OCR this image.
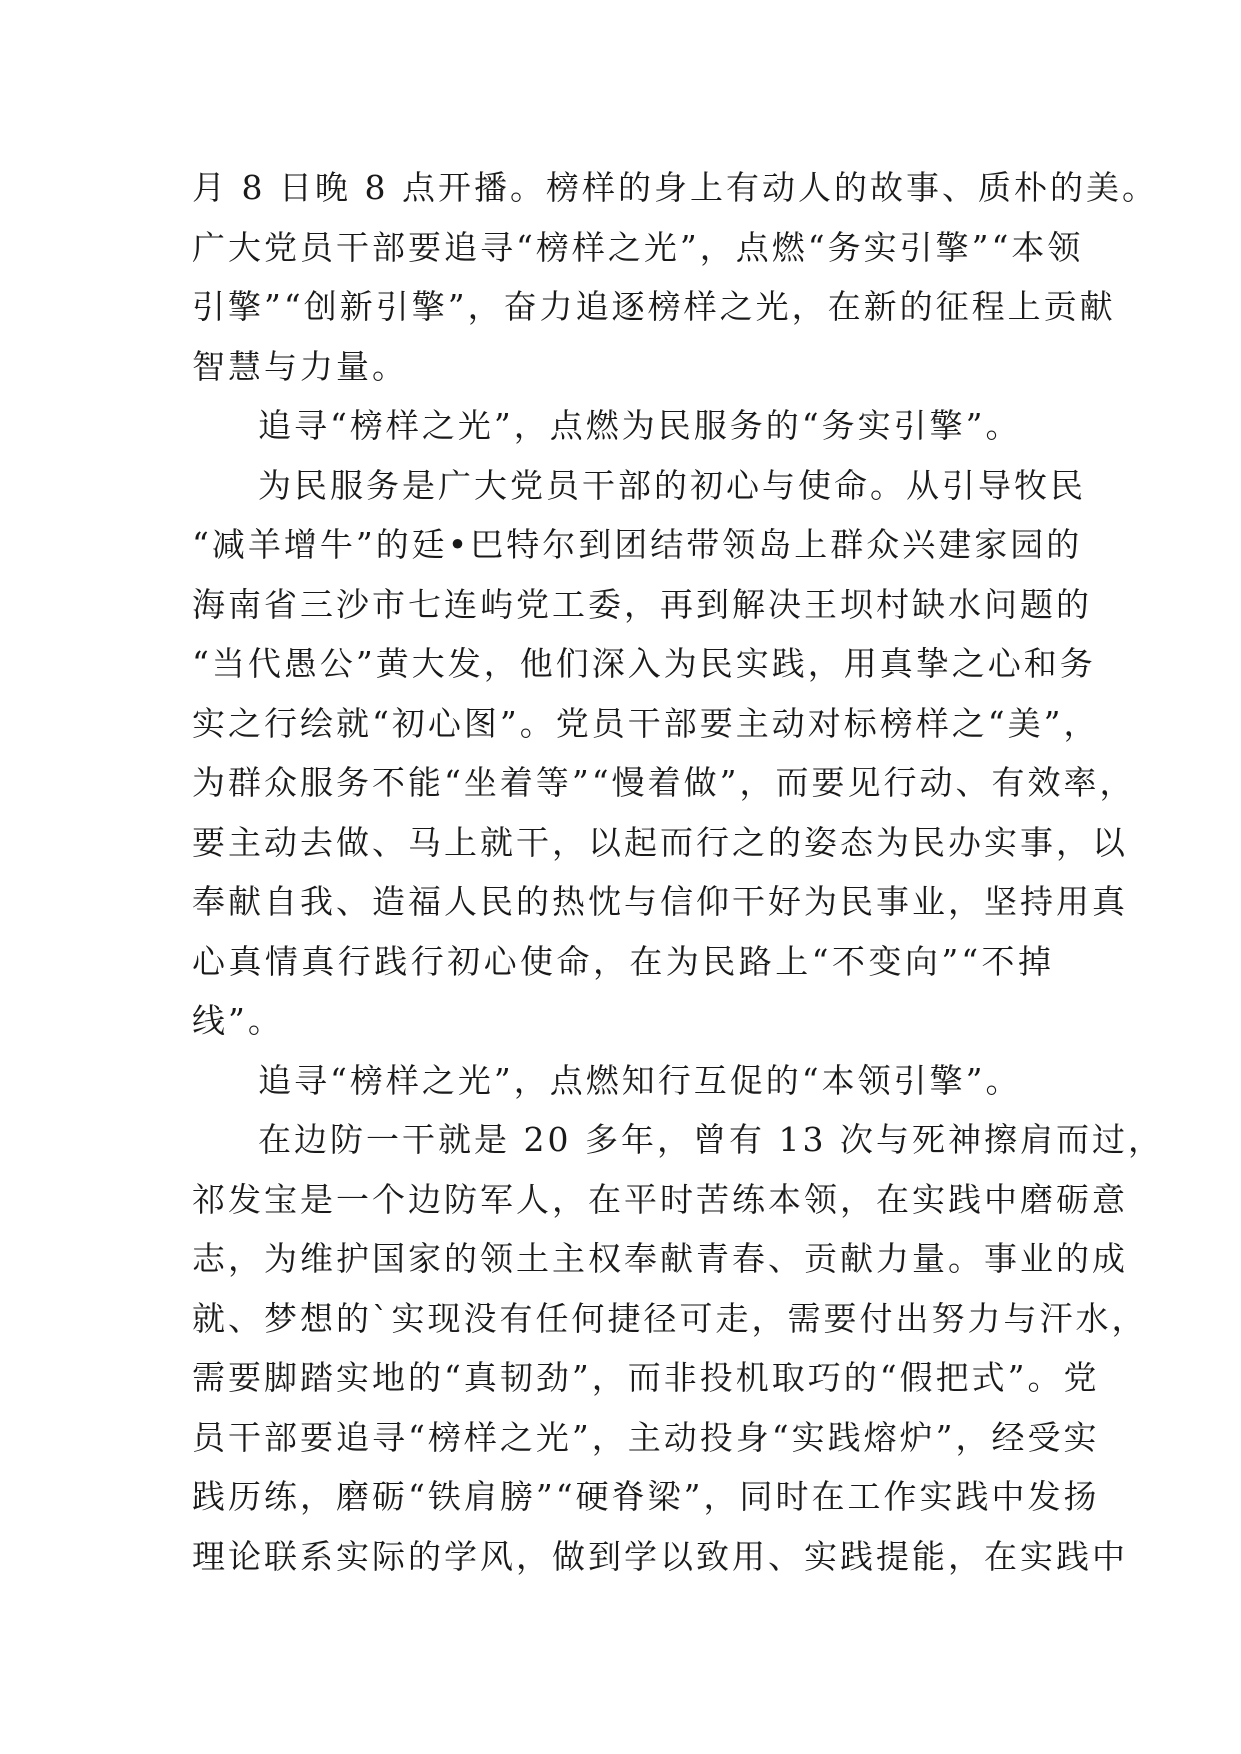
月 8 日晚 8 点开播。榜样的身上有动人的故事、质朴的美。
广大党员干部要追寻“榜样之光”，点燃“务实引擎”“本领
引擎”“创新引擎”，奋力追逐榜样之光，在新的征程上贡献
智慧与力量。
追寻“榜样之光”，点燃为民服务的“务实引擎”。
为民服务是广大党员干部的初心与使命。从引导牧民
“减羊增牛”的廷•巴特尔到团结带领岛上群众兴建家园的
海南省三沙市七连屿党工委，再到解决王坝村缺水问题的
“当代愚公”黄大发，他们深入为民实践，用真挚之心和务
实之行绘就“初心图”。党员干部要主动对标榜样之“美”，
为群众服务不能“坐着等”“慢着做”，而要见行动、有效率，
要主动去做、马上就干，以起而行之的姿态为民办实事，以
奉献自我、造福人民的热忱与信仰干好为民事业，坚持用真
心真情真行践行初心使命，在为民路上“不变向”“不掉
线”。
追寻“榜样之光”，点燃知行互促的“本领引擎”。
在边防一干就是 20 多年，曾有 13 次与死神擦肩而过，
祁发宝是一个边防军人，在平时苦练本领，在实践中磨砺意
志，为维护国家的领土主权奉献青春、贡献力量。事业的成
就、梦想的`实现没有任何捷径可走，需要付出努力与汗水，
需要脚踏实地的“真韧劲”，而非投机取巧的“假把式”。党
员干部要追寻“榜样之光”，主动投身“实践熔炉”，经受实
践历练，磨砺“铁肩膀”“硬脊梁”，同时在工作实践中发扬
理论联系实际的学风，做到学以致用、实践提能，在实践中
